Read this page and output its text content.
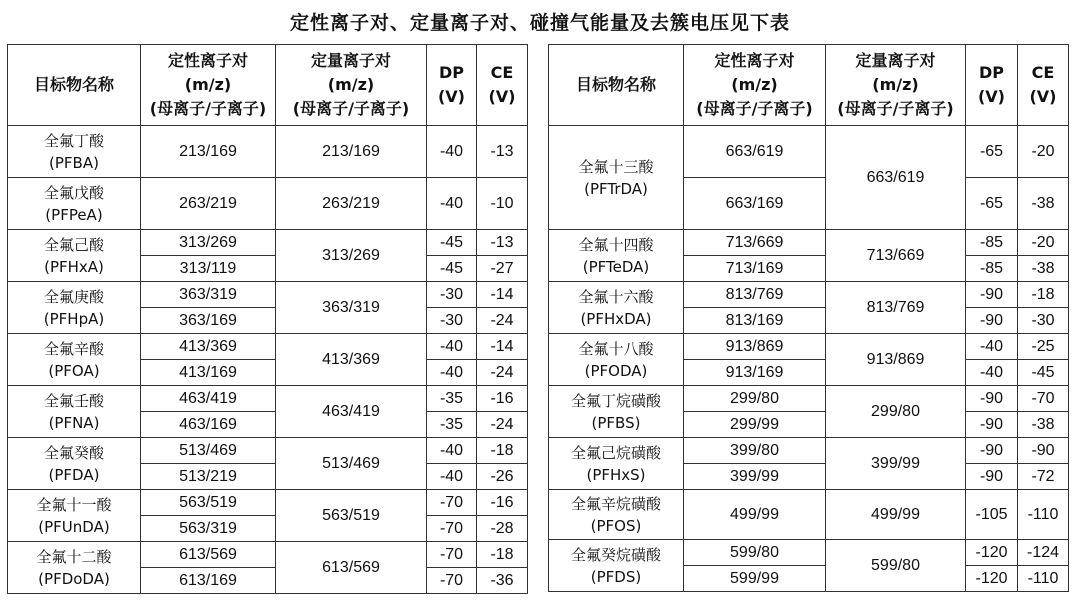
定性离子对、定量离子对、碰撞气能量及去簇电压见下表
目标物名称	定性离子对
(m/z)
(母离子/子离子)	定量离子对
(m/z)
(母离子/子离子)	DP
(V)	CE
(V)
全氟丁酸
(PFBA)	213/169	213/169	-40	-13
全氟戊酸
(PFPeA)	263/219	263/219	-40	-10
全氟己酸
(PFHxA)	313/269	313/269	-45	-13
	313/119		-45	-27
全氟庚酸
(PFHpA)	363/319	363/319	-30	-14
	363/169		-30	-24
全氟辛酸
(PFOA)	413/369	413/369	-40	-14
	413/169		-40	-24
全氟壬酸
(PFNA)	463/419	463/419	-35	-16
	463/169		-35	-24
全氟癸酸
(PFDA)	513/469	513/469	-40	-18
	513/219		-40	-26
全氟十一酸
(PFUnDA)	563/519	563/519	-70	-16
	563/319		-70	-28
全氟十二酸
(PFDoDA)	613/569	613/569	-70	-18
	613/169		-70	-36
目标物名称	定性离子对
(m/z)
(母离子/子离子)	定量离子对
(m/z)
(母离子/子离子)	DP
(V)	CE
(V)
全氟十三酸
(PFTrDA)	663/619	663/619	-65	-20
	663/169		-65	-38
全氟十四酸
(PFTeDA)	713/669	713/669	-85	-20
	713/169		-85	-38
全氟十六酸
(PFHxDA)	813/769	813/769	-90	-18
	813/169		-90	-30
全氟十八酸
(PFODA)	913/869	913/869	-40	-25
	913/169		-40	-45
全氟丁烷磺酸
(PFBS)	299/80	299/80	-90	-70
	299/99		-90	-38
全氟己烷磺酸
(PFHxS)	399/80	399/99	-90	-90
	399/99		-90	-72
全氟辛烷磺酸
(PFOS)	499/99	499/99	-105	-110
全氟癸烷磺酸
(PFDS)	599/80	599/80	-120	-124
	599/99		-120	-110
